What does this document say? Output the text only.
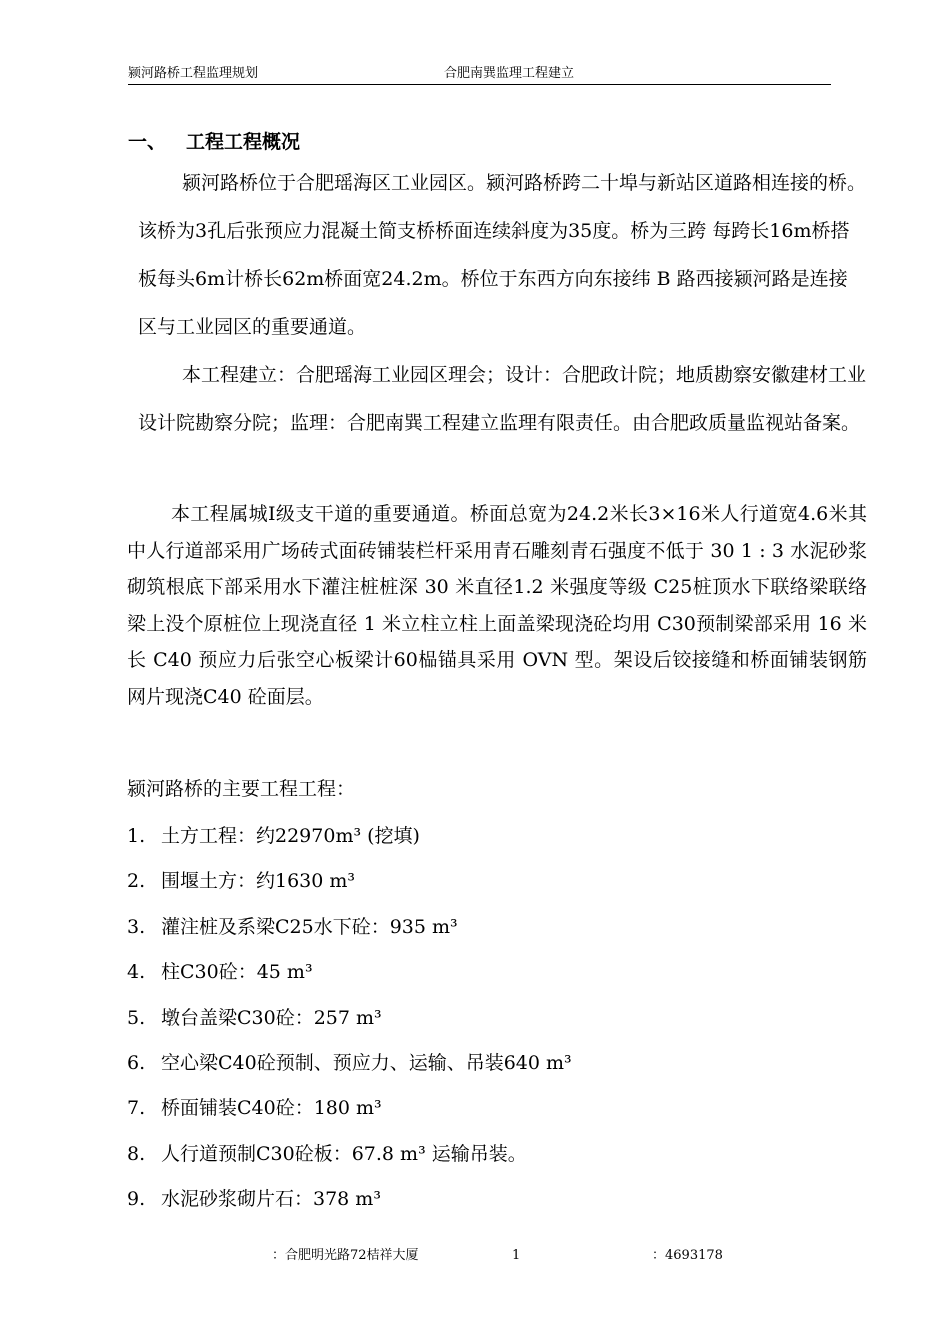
颍河路桥工程监理规划	合肥南巽监理工程建立
一、 工程工程概况

颍河路桥位于合肥瑶海区工业园区。颍河路桥跨二十埠与新站区道路相连接的桥。该桥为3孔后张预应力混凝土简支桥桥面连续斜度为35度。桥为三跨 每跨长16m桥搭板每头6m计桥长62m桥面宽24.2m。桥位于东西方向东接纬 B 路西接颍河路是连接区与工业园区的重要通道。

本工程建立：合肥瑶海工业园区理会；设计：合肥政计院；地质勘察安徽建材工业设计院勘察分院；监理：合肥南巽工程建立监理有限责任。由合肥政质量监视站备案。

本工程属城Ⅰ级支干道的重要通道。桥面总宽为24.2米长3×16米人行道宽4.6米其中人行道部采用广场砖式面砖铺装栏杆采用青石雕刻青石强度不低于 30 1 : 3 水泥砂浆砌筑根底下部采用水下灌注桩桩深 30 米直径1.2 米强度等级 C25桩顶水下联络梁联络梁上没个原桩位上现浇直径 1 米立柱立柱上面盖梁现浇砼均用 C30预制梁部采用 16 米长 C40 预应力后张空心板梁计60榀锚具采用 OVN 型。架设后铰接缝和桥面铺装钢筋网片现浇C40 砼面层。

颍河路桥的主要工程工程：

1. 土方工程：约22970m³ (挖填)
2. 围堰土方：约1630 m³
3. 灌注桩及系梁C25水下砼：935 m³
4. 柱C30砼：45 m³
5. 墩台盖梁C30砼：257 m³
6. 空心梁C40砼预制、预应力、运输、吊装640 m³
7. 桥面铺装C40砼：180 m³
8. 人行道预制C30砼板：67.8 m³ 运输吊装。
9. 水泥砂浆砌片石：378 m³
：合肥明光路72桔祥大厦	1	：4693178
